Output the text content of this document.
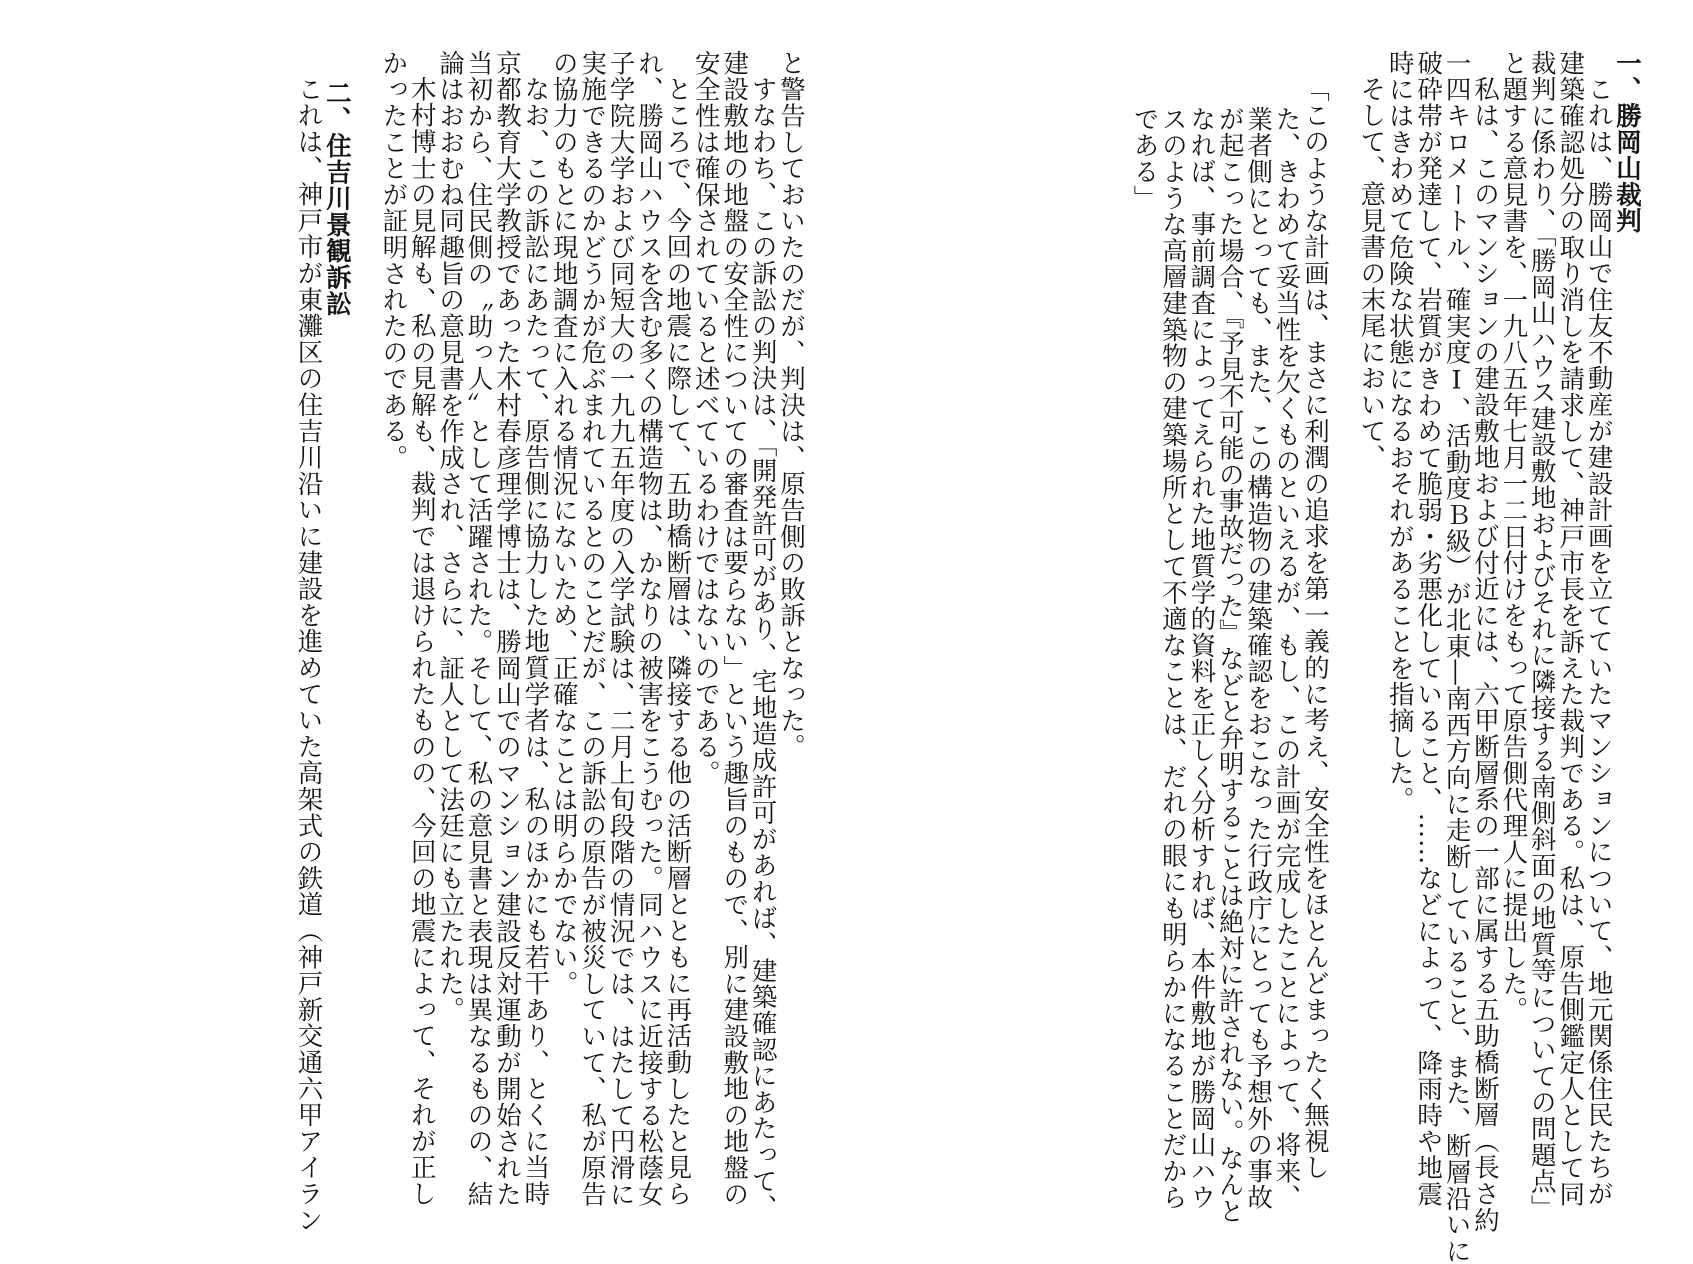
一、勝岡山裁判

これは、勝岡山で住友不動産が建設計画を立てていたマンションについて、地元関係住民たちが

建築確認処分の取り消しを請求して、神戸市長を訴えた裁判である。私は、原告側鑑定人として同

裁判に係わり、「勝岡山ハウス建設敷地およびそれに隣接する南側斜面の地質等についての問題点」

と題する意見書を、一九八五年七月一二日付けをもって原告側代理人に提出した。

私は、このマンションの建設敷地および付近には、六甲断層系の一部に属する五助橋断層（長さ約

一四キロメートル、確実度Ⅰ、活動度Ｂ級）が北東―南西方向に走断していること、また、断層沿いに

破砕帯が発達して、岩質がきわめて脆弱・劣悪化していること、……などによって、降雨時や地震

時にはきわめて危険な状態になるおそれがあることを指摘した。

そして、意見書の末尾において、

「このような計画は、まさに利潤の追求を第一義的に考え、安全性をほとんどまったく無視し

た、きわめて妥当性を欠くものといえるが、もし、この計画が完成したことによって、将来、

業者側にとっても、また、この構造物の建築確認をおこなった行政庁にとっても予想外の事故

が起こった場合、『予見不可能の事故だった』などと弁明することは絶対に許されない。なんと

なれば、事前調査によってえられた地質学的資料を正しく分析すれば、本件敷地が勝岡山ハウ

スのような高層建築物の建築場所として不適なことは、だれの眼にも明らかになることだから

である」

と警告しておいたのだが、判決は、原告側の敗訴となった。

すなわち、この訴訟の判決は、「開発許可があり、宅地造成許可があれば、建築確認にあたって、

建設敷地の地盤の安全性についての審査は要らない」という趣旨のもので、別に建設敷地の地盤の

安全性は確保されていると述べているわけではないのである。

ところで、今回の地震に際して、五助橋断層は、隣接する他の活断層とともに再活動したと見ら

れ、勝岡山ハウスを含む多くの構造物は、かなりの被害をこうむった。同ハウスに近接する松蔭女

子学院大学および同短大の一九九五年度の入学試験は、二月上旬段階の情況では、はたして円滑に

実施できるのかどうかが危ぶまれているとのことだが、この訴訟の原告が被災していて、私が原告

の協力のもとに現地調査に入れる情況にないため、正確なことは明らかでない。

なお、この訴訟にあたって、原告側に協力した地質学者は、私のほかにも若干あり、とくに当時

京都教育大学教授であった木村春彦理学博士は、勝岡山でのマンション建設反対運動が開始された

当初から、住民側の〝助っ人〟として活躍された。そして、私の意見書と表現は異なるものの、結

論はおおむね同趣旨の意見書を作成され、さらに、証人として法廷にも立たれた。

木村博士の見解も、私の見解も、裁判では退けられたものの、今回の地震によって、それが正し

かったことが証明されたのである。

二、住吉川景観訴訟

これは、神戸市が東灘区の住吉川沿いに建設を進めていた高架式の鉄道（神戸新交通六甲アイラン
